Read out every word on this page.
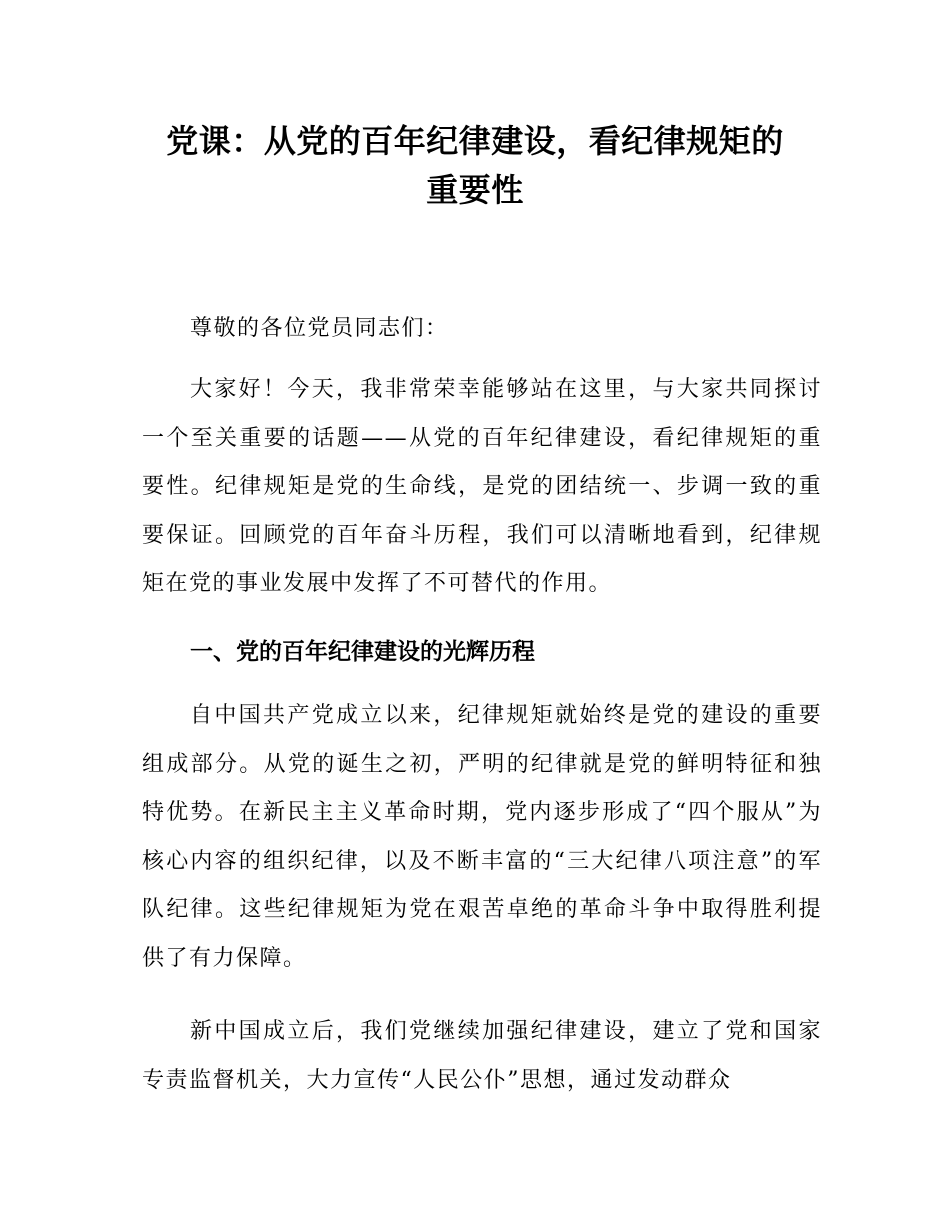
党课：从党的百年纪律建设，看纪律规矩的
重要性

尊敬的各位党员同志们：

大家好！今天，我非常荣幸能够站在这里，与大家共同探讨一个至关重要的话题——从党的百年纪律建设，看纪律规矩的重要性。纪律规矩是党的生命线，是党的团结统一、步调一致的重要保证。回顾党的百年奋斗历程，我们可以清晰地看到，纪律规矩在党的事业发展中发挥了不可替代的作用。

一、党的百年纪律建设的光辉历程

自中国共产党成立以来，纪律规矩就始终是党的建设的重要组成部分。从党的诞生之初，严明的纪律就是党的鲜明特征和独特优势。在新民主主义革命时期，党内逐步形成了“四个服从”为核心内容的组织纪律，以及不断丰富的“三大纪律八项注意”的军队纪律。这些纪律规矩为党在艰苦卓绝的革命斗争中取得胜利提供了有力保障。

新中国成立后，我们党继续加强纪律建设，建立了党和国家专责监督机关，大力宣传“人民公仆”思想，通过发动群众
